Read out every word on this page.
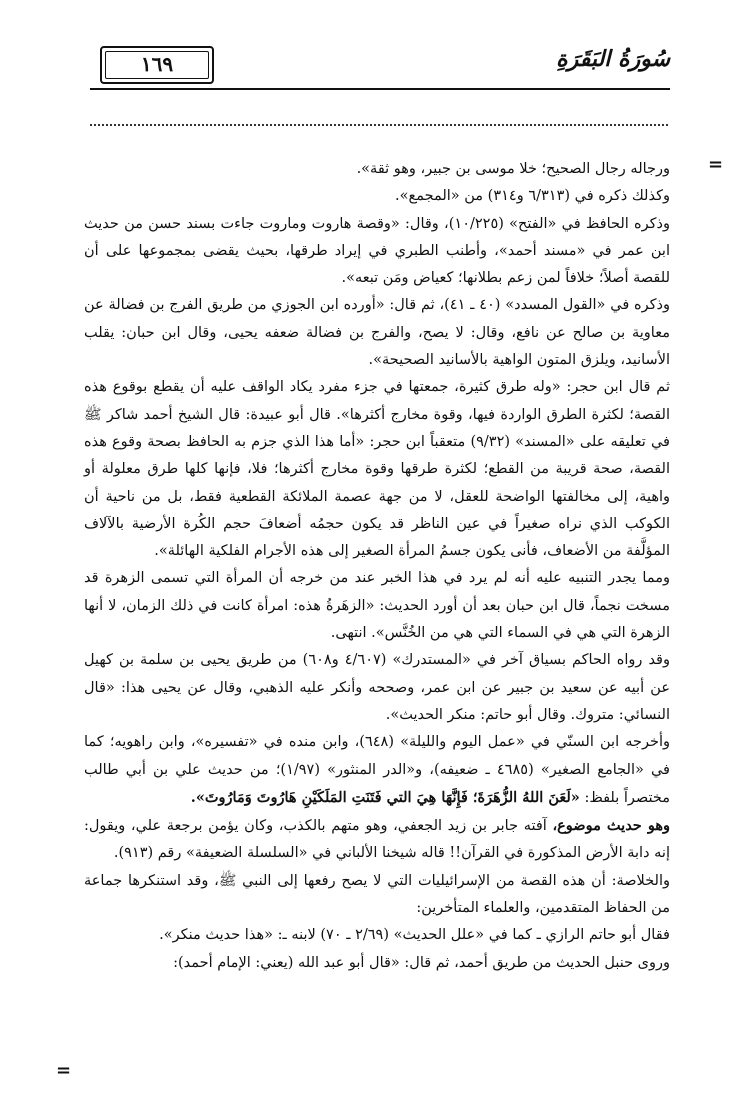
١٦٩	سُورَةُ البَقَرَةِ
=

ورجاله رجال الصحيح؛ خلا موسى بن جبير، وهو ثقة».

وكذلك ذكره في (٦/٣١٣ و٣١٤) من «المجمع».

وذكره الحافظ في «الفتح» (١٠/٢٢٥)، وقال: «وقصة هاروت وماروت جاءت بسند حسن من حديث ابن عمر في «مسند أحمد»، وأطنب الطبري في إيراد طرقها، بحيث يقضى بمجموعها على أن للقصة أصلاً؛ خلافاً لمن زعم بطلانها؛ كعياض ومَن تبعه».

وذكره في «القول المسدد» (٤٠ ـ ٤١)، ثم قال: «أورده ابن الجوزي من طريق الفرج بن فضالة عن معاوية بن صالح عن نافع، وقال: لا يصح، والفرج بن فضالة ضعفه يحيى، وقال ابن حبان: يقلب الأسانيد، ويلزق المتون الواهية بالأسانيد الصحيحة».

ثم قال ابن حجر: «وله طرق كثيرة، جمعتها في جزء مفرد يكاد الواقف عليه أن يقطع بوقوع هذه القصة؛ لكثرة الطرق الواردة فيها، وقوة مخارج أكثرها». قال أبو عبيدة: قال الشيخ أحمد شاكر ﷺ في تعليقه على «المسند» (٩/٣٢) متعقباً ابن حجر: «أما هذا الذي جزم به الحافظ بصحة وقوع هذه القصة، صحة قريبة من القطع؛ لكثرة طرقها وقوة مخارج أكثرها؛ فلا، فإنها كلها طرق معلولة أو واهية، إلى مخالفتها الواضحة للعقل، لا من جهة عصمة الملائكة القطعية فقط، بل من ناحية أن الكوكب الذي نراه صغيراً في عين الناظر قد يكون حجمُه أضعافَ حجم الكُرة الأرضية بالآلاف المؤلَّفة من الأضعاف، فأنى يكون جسمُ المرأة الصغير إلى هذه الأجرام الفلكية الهائلة».

ومما يجدر التنبيه عليه أنه لم يرد في هذا الخبر عند من خرجه أن المرأة التي تسمى الزهرة قد مسخت نجماً، قال ابن حبان بعد أن أورد الحديث: «الزهَرةُ هذه: امرأة كانت في ذلك الزمان، لا أنها الزهرة التي هي في السماء التي هي من الخُنَّس». انتهى.

وقد رواه الحاكم بسياق آخر في «المستدرك» (٤/٦٠٧ و٦٠٨) من طريق يحيى بن سلمة بن كهيل عن أبيه عن سعيد بن جبير عن ابن عمر، وصححه وأنكر عليه الذهبي، وقال عن يحيى هذا: «قال النسائي: متروك. وقال أبو حاتم: منكر الحديث».

وأخرجه ابن السنّي في «عمل اليوم والليلة» (٦٤٨)، وابن منده في «تفسيره»، وابن راهويه؛ كما في «الجامع الصغير» (٤٦٨٥ ـ ضعيفه)، و«الدر المنثور» (١/٩٧)؛ من حديث علي بن أبي طالب مختصراً بلفظ: «لَعَنَ اللهُ الزُّهَرَةَ؛ فَإِنَّهَا هِيَ التي فَتَنَتِ المَلَكَيْنِ هَارُوتَ وَمَارُوتَ».

وهو حديث موضوع، آفته جابر بن زيد الجعفي، وهو متهم بالكذب، وكان يؤمن برجعة علي، ويقول: إنه دابة الأرض المذكورة في القرآن!! قاله شيخنا الألباني في «السلسلة الضعيفة» رقم (٩١٣).

والخلاصة: أن هذه القصة من الإسرائيليات التي لا يصح رفعها إلى النبي ﷺ، وقد استنكرها جماعة من الحفاظ المتقدمين، والعلماء المتأخرين:

فقال أبو حاتم الرازي ـ كما في «علل الحديث» (٢/٦٩ ـ ٧٠) لابنه ـ: «هذا حديث منكر».

وروى حنبل الحديث من طريق أحمد، ثم قال: «قال أبو عبد الله (يعني: الإمام أحمد):

=
